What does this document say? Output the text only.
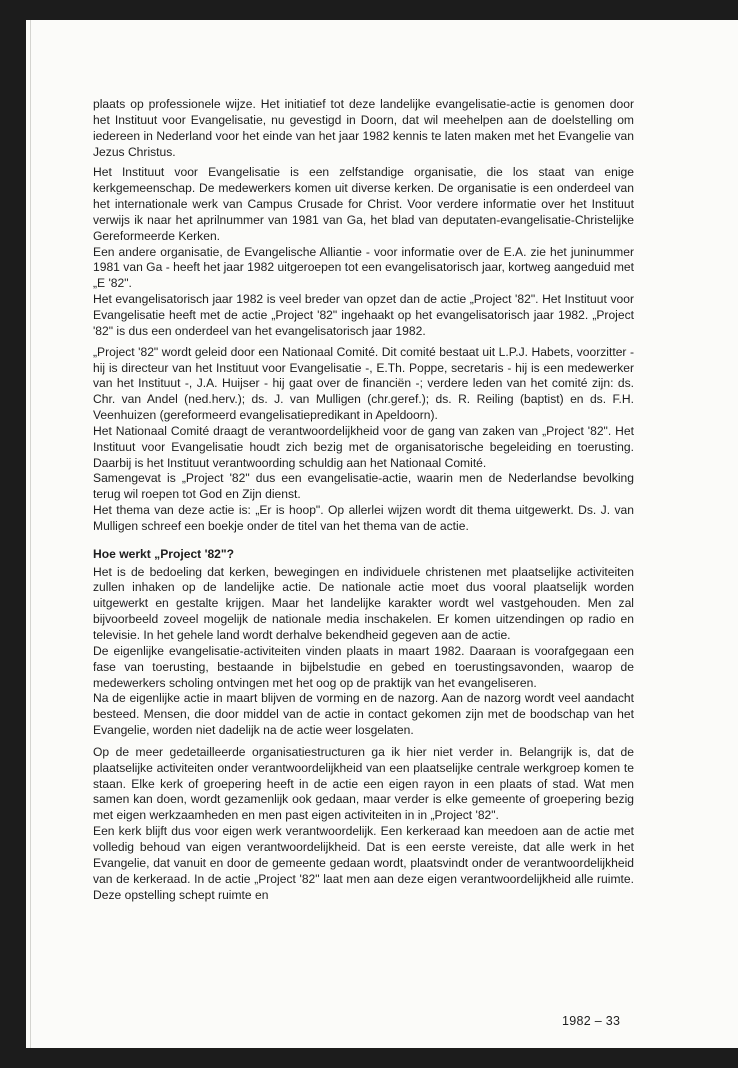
plaats op professionele wijze. Het initiatief tot deze landelijke evangelisatie-actie is genomen door het Instituut voor Evangelisatie, nu gevestigd in Doorn, dat wil meehelpen aan de doelstelling om iedereen in Nederland voor het einde van het jaar 1982 kennis te laten maken met het Evangelie van Jezus Christus.

Het Instituut voor Evangelisatie is een zelfstandige organisatie, die los staat van enige kerkgemeenschap. De medewerkers komen uit diverse kerken. De organisatie is een onderdeel van het internationale werk van Campus Crusade for Christ. Voor verdere informatie over het Instituut verwijs ik naar het aprilnummer van 1981 van Ga, het blad van deputaten-evangelisatie-Christelijke Gereformeerde Kerken.

Een andere organisatie, de Evangelische Alliantie - voor informatie over de E.A. zie het juninummer 1981 van Ga - heeft het jaar 1982 uitgeroepen tot een evangelisatorisch jaar, kortweg aangeduid met „E '82".

Het evangelisatorisch jaar 1982 is veel breder van opzet dan de actie „Project '82". Het Instituut voor Evangelisatie heeft met de actie „Project '82" ingehaakt op het evangelisatorisch jaar 1982. „Project '82" is dus een onderdeel van het evangelisatorisch jaar 1982.

„Project '82" wordt geleid door een Nationaal Comité. Dit comité bestaat uit L.P.J. Habets, voorzitter - hij is directeur van het Instituut voor Evangelisatie -, E.Th. Poppe, secretaris - hij is een medewerker van het Instituut -, J.A. Huijser - hij gaat over de financiën -; verdere leden van het comité zijn: ds. Chr. van Andel (ned.herv.); ds. J. van Mulligen (chr.geref.); ds. R. Reiling (baptist) en ds. F.H. Veenhuizen (gereformeerd evangelisatiepredikant in Apeldoorn).

Het Nationaal Comité draagt de verantwoordelijkheid voor de gang van zaken van „Project '82". Het Instituut voor Evangelisatie houdt zich bezig met de organisatorische begeleiding en toerusting. Daarbij is het Instituut verantwoording schuldig aan het Nationaal Comité.

Samengevat is „Project '82" dus een evangelisatie-actie, waarin men de Nederlandse bevolking terug wil roepen tot God en Zijn dienst.

Het thema van deze actie is: „Er is hoop". Op allerlei wijzen wordt dit thema uitgewerkt. Ds. J. van Mulligen schreef een boekje onder de titel van het thema van de actie.

Hoe werkt „Project '82"?

Het is de bedoeling dat kerken, bewegingen en individuele christenen met plaatselijke activiteiten zullen inhaken op de landelijke actie. De nationale actie moet dus vooral plaatselijk worden uitgewerkt en gestalte krijgen. Maar het landelijke karakter wordt wel vastgehouden. Men zal bijvoorbeeld zoveel mogelijk de nationale media inschakelen. Er komen uitzendingen op radio en televisie. In het gehele land wordt derhalve bekendheid gegeven aan de actie.

De eigenlijke evangelisatie-activiteiten vinden plaats in maart 1982. Daaraan is voorafgegaan een fase van toerusting, bestaande in bijbelstudie en gebed en toerustingsavonden, waarop de medewerkers scholing ontvingen met het oog op de praktijk van het evangeliseren.

Na de eigenlijke actie in maart blijven de vorming en de nazorg. Aan de nazorg wordt veel aandacht besteed. Mensen, die door middel van de actie in contact gekomen zijn met de boodschap van het Evangelie, worden niet dadelijk na de actie weer losgelaten.

Op de meer gedetailleerde organisatiestructuren ga ik hier niet verder in. Belangrijk is, dat de plaatselijke activiteiten onder verantwoordelijkheid van een plaatselijke centrale werkgroep komen te staan. Elke kerk of groepering heeft in de actie een eigen rayon in een plaats of stad. Wat men samen kan doen, wordt gezamenlijk ook gedaan, maar verder is elke gemeente of groepering bezig met eigen werkzaamheden en men past eigen activiteiten in in „Project '82".

Een kerk blijft dus voor eigen werk verantwoordelijk. Een kerkeraad kan meedoen aan de actie met volledig behoud van eigen verantwoordelijkheid. Dat is een eerste vereiste, dat alle werk in het Evangelie, dat vanuit en door de gemeente gedaan wordt, plaatsvindt onder de verantwoordelijkheid van de kerkeraad. In de actie „Project '82" laat men aan deze eigen verantwoordelijkheid alle ruimte. Deze opstelling schept ruimte en

1982 – 33
